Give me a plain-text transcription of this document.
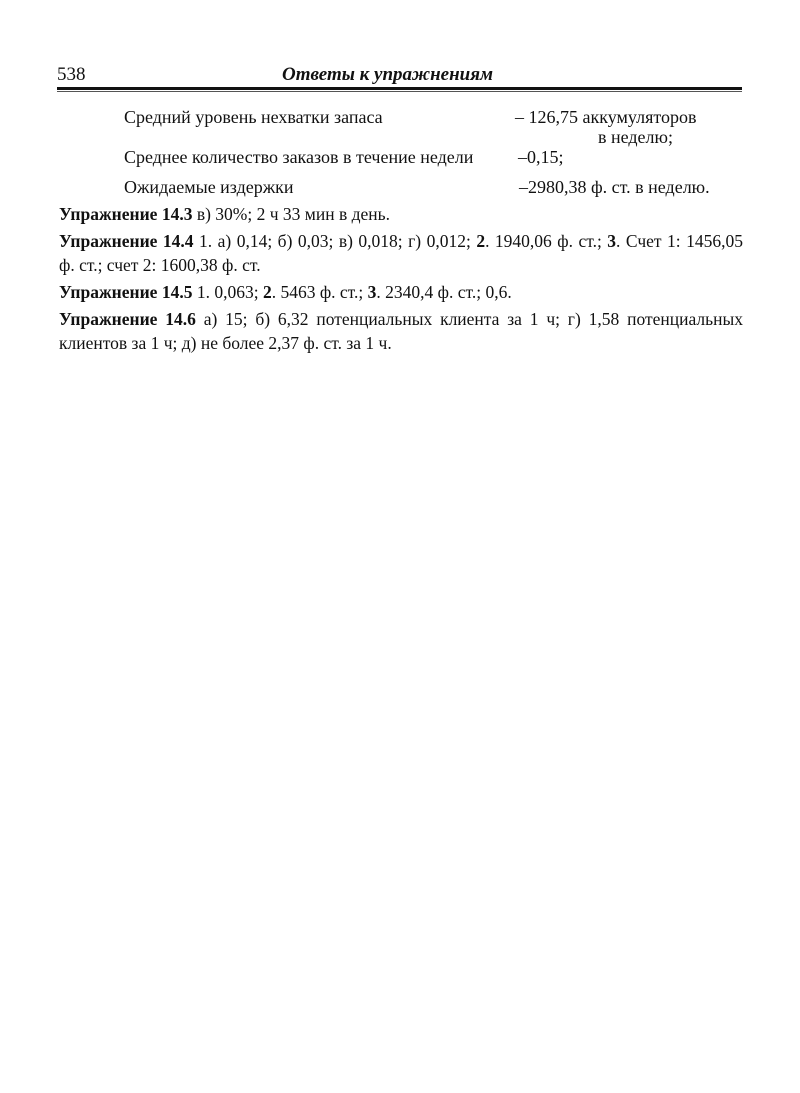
538	Ответы к упражнениям
Средний уровень нехватки запаса	– 126,75 аккумуляторов
в неделю;
Среднее количество заказов в течение недели –0,15;
Ожидаемые издержки	–2980,38 ф. ст. в неделю.

Упражнение 14.3 в) 30%; 2 ч 33 мин в день.

Упражнение 14.4 1. а) 0,14; б) 0,03; в) 0,018; г) 0,012; 2. 1940,06 ф. ст.; 3. Счет 1: 1456,05 ф. ст.; счет 2: 1600,38 ф. ст.

Упражнение 14.5 1. 0,063; 2. 5463 ф. ст.; 3. 2340,4 ф. ст.; 0,6.

Упражнение 14.6 а) 15; б) 6,32 потенциальных клиента за 1 ч; г) 1,58 потенциальных клиентов за 1 ч; д) не более 2,37 ф. ст. за 1 ч.
